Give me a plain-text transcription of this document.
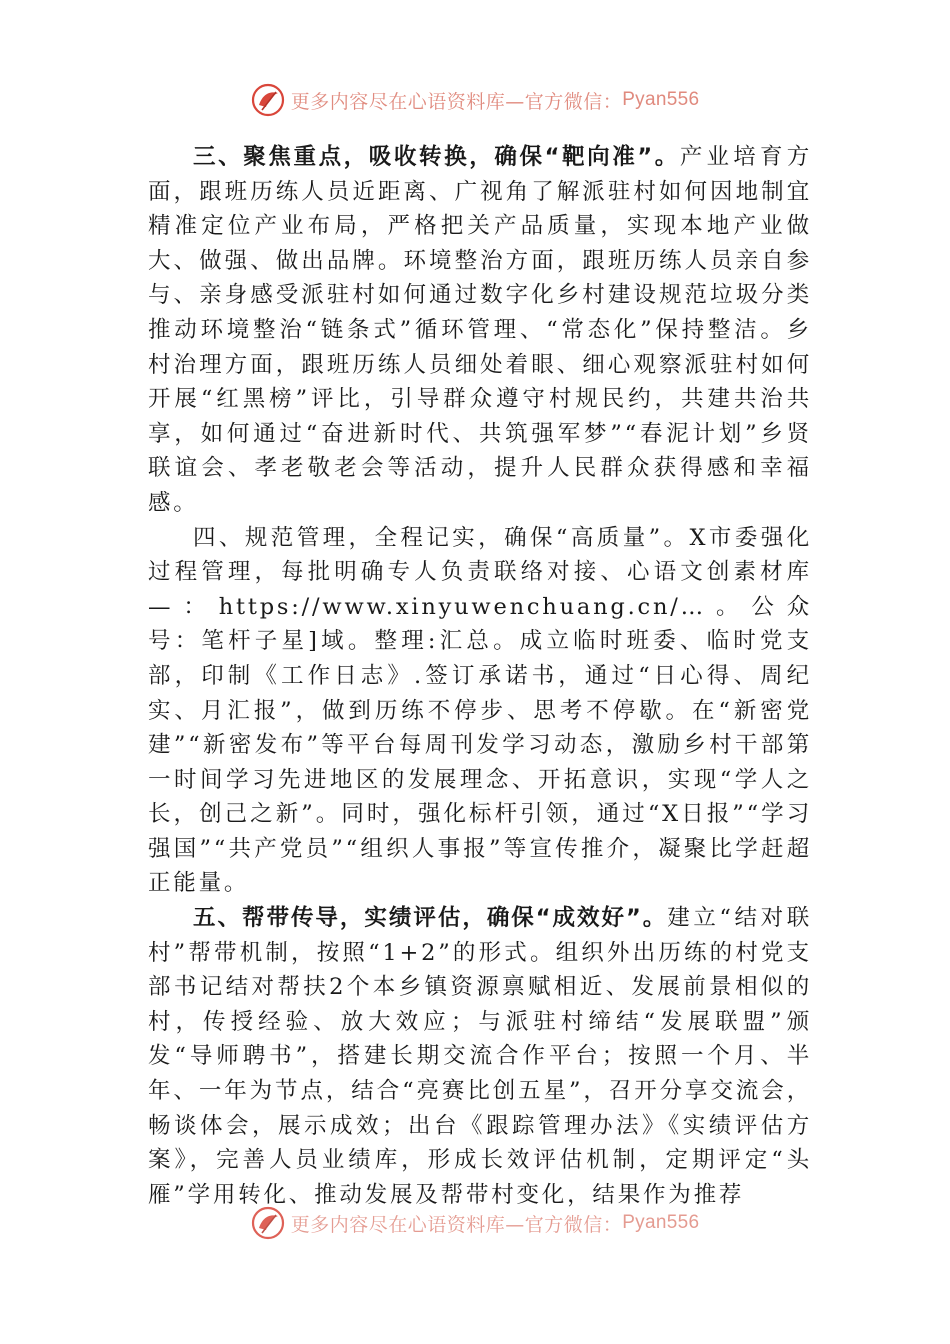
更多内容尽在心语资料库—官方微信： Pyan556

三、聚焦重点，吸收转换，确保“靶向准”。产业培育方面，跟班历练人员近距离、广视角了解派驻村如何因地制宜精准定位产业布局，严格把关产品质量，实现本地产业做大、做强、做出品牌。环境整治方面，跟班历练人员亲自参与、亲身感受派驻村如何通过数字化乡村建设规范垃圾分类推动环境整治“链条式”循环管理、“常态化”保持整洁。乡村治理方面，跟班历练人员细处着眼、细心观察派驻村如何开展“红黑榜”评比，引导群众遵守村规民约，共建共治共享，如何通过“奋进新时代、共筑强军梦”“春泥计划”乡贤联谊会、孝老敬老会等活动，提升人民群众获得感和幸福感。

四、规范管理，全程记实，确保“高质量”。X市委强化过程管理，每批明确专人负责联络对接、心语文创素材库—：https://www.xinyuwenchuang.cn/…。公众号：笔杆子星]域。整理:汇总。成立临时班委、临时党支部，印制《工作日志》.签订承诺书，通过“日心得、周纪实、月汇报”，做到历练不停步、思考不停歇。在“新密党建”“新密发布”等平台每周刊发学习动态，激励乡村干部第一时间学习先进地区的发展理念、开拓意识，实现“学人之长，创己之新”。同时，强化标杆引领，通过“X日报”“学习强国”“共产党员”“组织人事报”等宣传推介，凝聚比学赶超正能量。

五、帮带传导，实绩评估，确保“成效好”。建立“结对联村”帮带机制，按照“1+2”的形式。组织外出历练的村党支部书记结对帮扶2个本乡镇资源禀赋相近、发展前景相似的村，传授经验、放大效应；与派驻村缔结“发展联盟”颁发“导师聘书”，搭建长期交流合作平台；按照一个月、半年、一年为节点，结合“亮赛比创五星”，召开分享交流会，畅谈体会，展示成效；出台《跟踪管理办法》《实绩评估方案》，完善人员业绩库，形成长效评估机制，定期评定“头雁”学用转化、推动发展及帮带村变化，结果作为推荐

更多内容尽在心语资料库—官方微信： Pyan556
